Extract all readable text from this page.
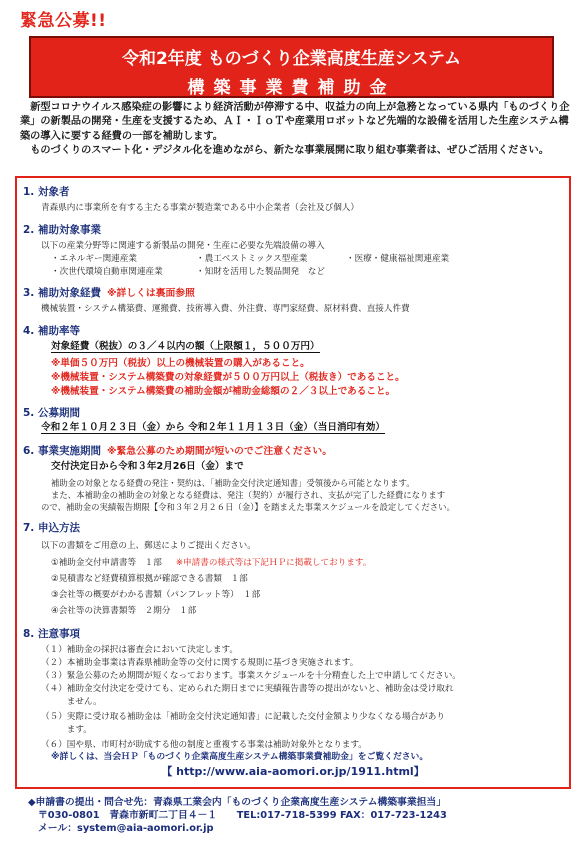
緊急公募!!
令和2年度 ものづくり企業高度生産システム
構築事業費補助金

新型コロナウイルス感染症の影響により経済活動が停滞する中、収益力の向上が急務となっている県内「ものづくり企業」の新製品の開発・生産を支援するため、ＡＩ・ＩｏＴや産業用ロボットなど先端的な設備を活用した生産システム構築の導入に要する経費の一部を補助します。

ものづくりのスマート化・デジタル化を進めながら、新たな事業展開に取り組む事業者は、ぜひご活用ください。

1. 対象者
青森県内に事業所を有する主たる事業が製造業である中小企業者（会社及び個人）
2. 補助対象事業
以下の産業分野等に関連する新製品の開発・生産に必要な先端設備の導入
・エネルギー関連産業	・農工ベストミックス型産業	・医療・健康福祉関連産業
・次世代環境自動車関連産業	・知財を活用した製品開発　など
3. 補助対象経費 ※詳しくは裏面参照
機械装置・システム構築費、運搬費、技術導入費、外注費、専門家経費、原材料費、直接人件費
4. 補助率等
対象経費（税抜）の３／４以内の額（上限額１，５００万円）
※単価５０万円（税抜）以上の機械装置の購入があること。
※機械装置・システム構築費の対象経費が５００万円以上（税抜き）であること。
※機械装置・システム構築費の補助金額が補助金総額の２／３以上であること。
5. 公募期間
令和２年１０月２３日（金）から 令和２年１１月１３日（金）（当日消印有効）
6. 事業実施期間 ※緊急公募のため期間が短いのでご注意ください。
交付決定日から令和３年2月26日（金）まで
補助金の対象となる経費の発注・契約は、「補助金交付決定通知書」受領後から可能となります。
また、本補助金の補助金の対象となる経費は、発注（契約）が履行され、支払が完了した経費になります
ので、補助金の実績報告期限【令和３年２月２６日（金）】を踏まえた事業スケジュールを設定してください。
7. 申込方法
以下の書類をご用意の上、郵送によりご提出ください。
①補助金交付申請書等　１部 ※申請書の様式等は下記ＨＰに掲載しております。
②見積書など経費積算根拠が確認できる書類　１部
③会社等の概要がわかる書類（パンフレット等）　１部
④会社等の決算書類等　２期分　１部
8. 注意事項
（１）補助金の採択は審査会において決定します。
（２）本補助金事業は青森県補助金等の交付に関する規則に基づき実施されます。
（３）緊急公募のため期間が短くなっております。事業スケジュールを十分精査した上で申請してください。
（４）補助金交付決定を受けても、定められた期日までに実績報告書等の提出がないと、補助金は受け取れ
　　　ません。
（５）実際に受け取る補助金は「補助金交付決定通知書」に記載した交付金額より少なくなる場合があり
　　　ます。
（６）国や県、市町村が助成する他の制度と重複する事業は補助対象外となります。
※詳しくは、当会ＨＰ「ものづくり企業高度生産システム構築事業費補助金」をご覧ください。
【 http://www.aia-aomori.or.jp/1911.html】
◆申請書の提出・問合せ先：青森県工業会内「ものづくり企業高度生産システム構築事業担当」
〒030-0801　青森市新町二丁目４－１　　TEL:017-718-5399 FAX：017-723-1243
メール：system@aia-aomori.or.jp
